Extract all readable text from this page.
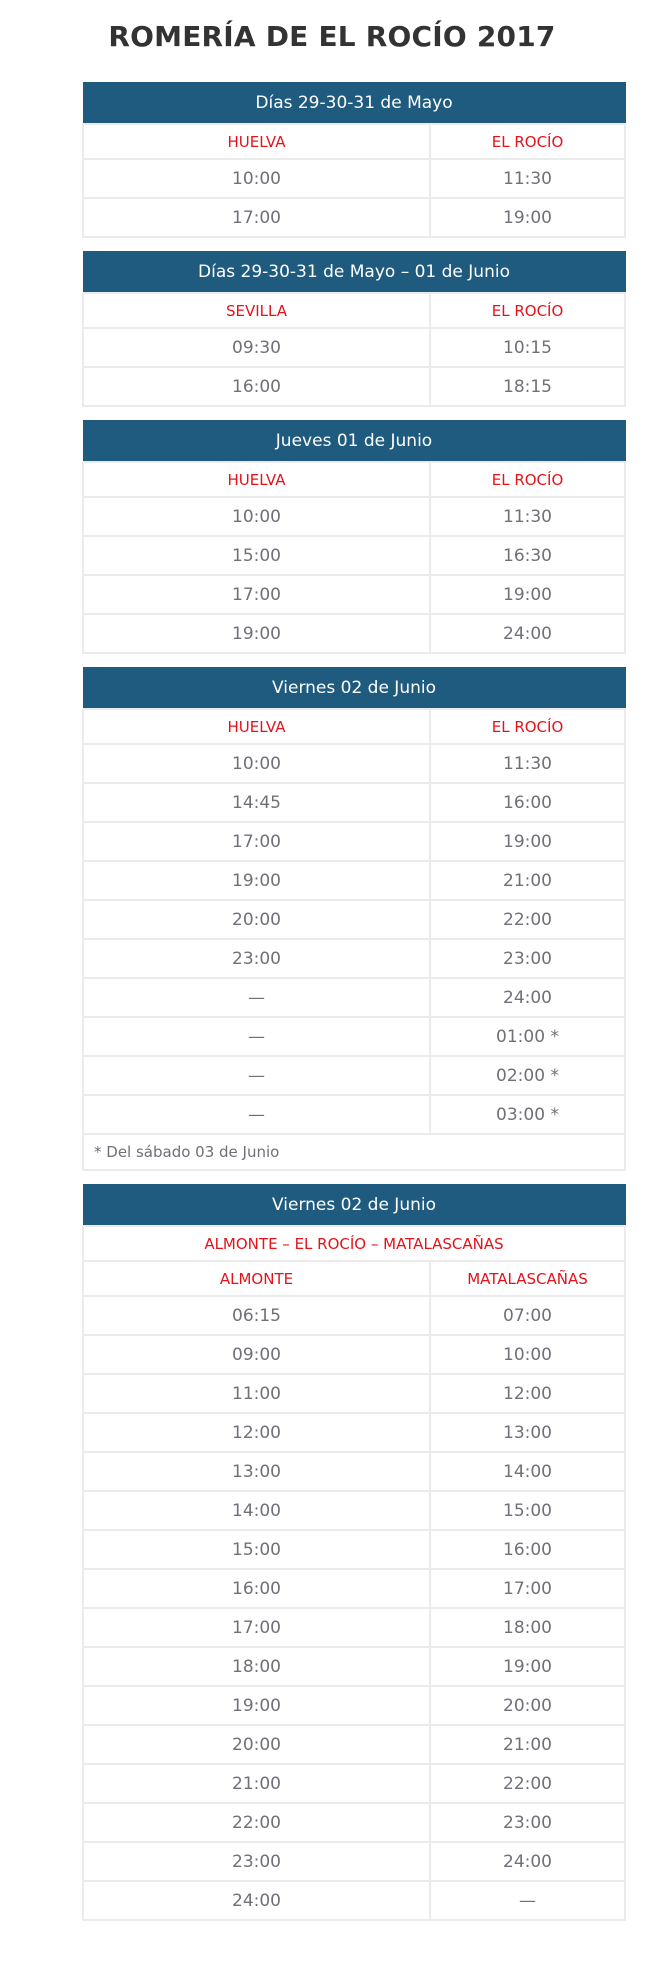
ROMERÍA DE EL ROCÍO 2017
Días 29-30-31 de Mayo	
HUELVA	EL ROCÍO
10:00	11:30
17:00	19:00
Días 29-30-31 de Mayo – 01 de Junio	
SEVILLA	EL ROCÍO
09:30	10:15
16:00	18:15
Jueves 01 de Junio	
HUELVA	EL ROCÍO
10:00	11:30
15:00	16:30
17:00	19:00
19:00	24:00
Viernes 02 de Junio	
HUELVA	EL ROCÍO
10:00	11:30
14:45	16:00
17:00	19:00
19:00	21:00
20:00	22:00
23:00	23:00
—	24:00
—	01:00 *
—	02:00 *
—	03:00 *
* Del sábado 03 de Junio	
Viernes 02 de Junio	
ALMONTE – EL ROCÍO – MATALASCAÑAS	
ALMONTE	MATALASCAÑAS
06:15	07:00
09:00	10:00
11:00	12:00
12:00	13:00
13:00	14:00
14:00	15:00
15:00	16:00
16:00	17:00
17:00	18:00
18:00	19:00
19:00	20:00
20:00	21:00
21:00	22:00
22:00	23:00
23:00	24:00
24:00	—
